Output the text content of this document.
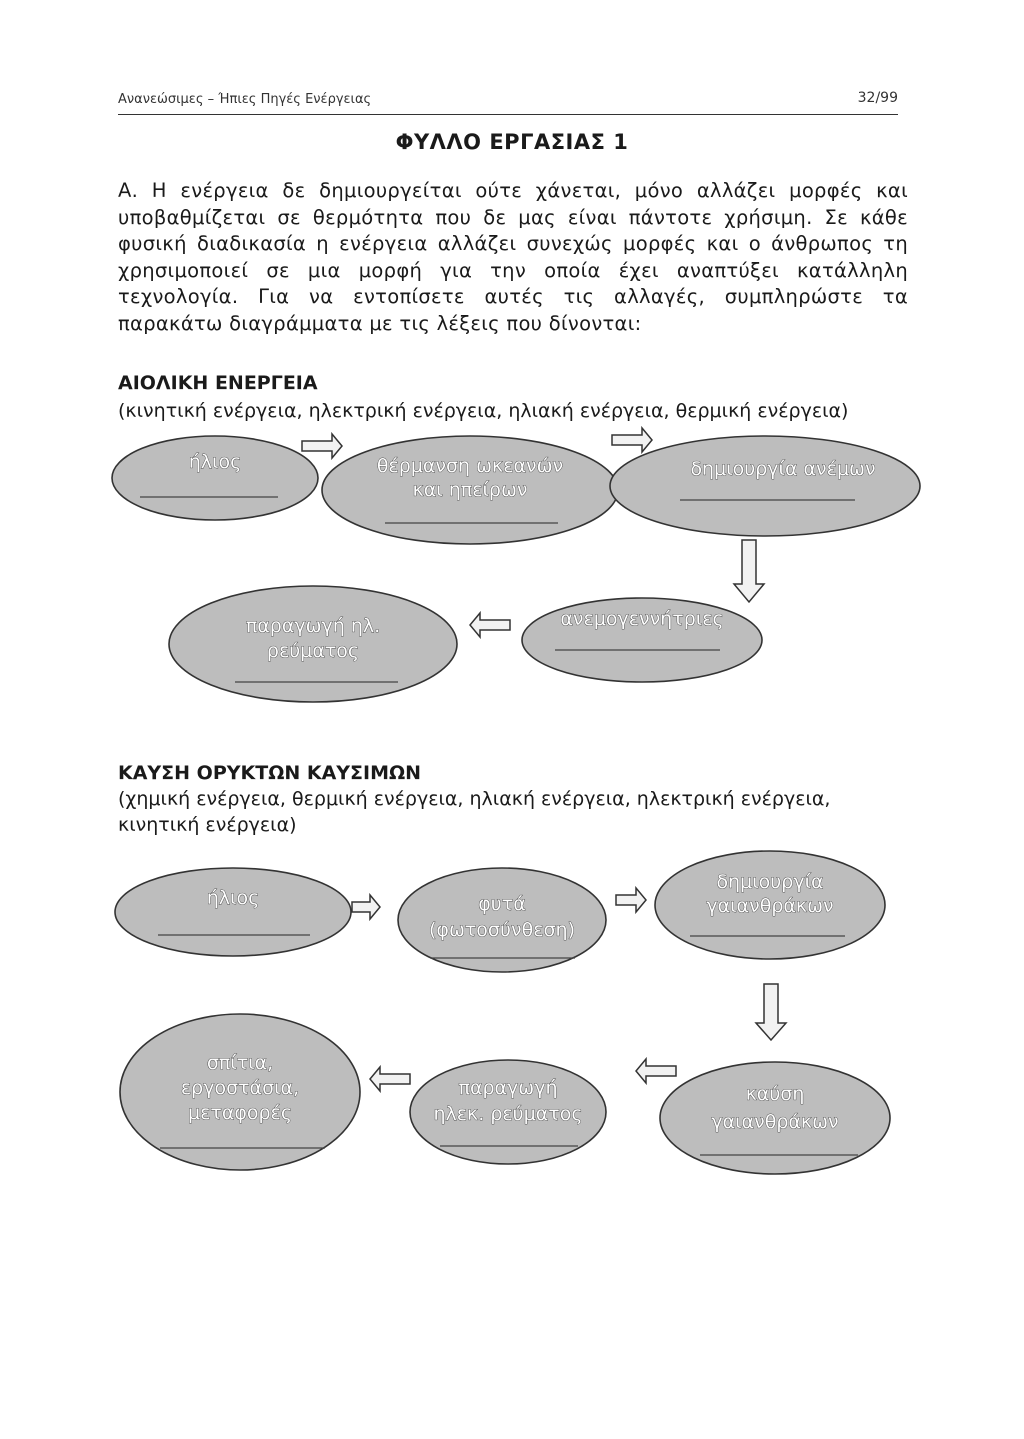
Ανανεώσιμες – Ήπιες Πηγές Ενέργειας	32/99
ΦΥΛΛΟ ΕΡΓΑΣΙΑΣ 1

Α. Η ενέργεια δε δημιουργείται ούτε χάνεται, μόνο αλλάζει μορφές και υποβαθμίζεται σε θερμότητα που δε μας είναι πάντοτε χρήσιμη. Σε κάθε φυσική διαδικασία η ενέργεια αλλάζει συνεχώς μορφές και ο άνθρωπος τη χρησιμοποιεί σε μια μορφή για την οποία έχει αναπτύξει κατάλληλη τεχνολογία. Για να εντοπίσετε αυτές τις αλλαγές, συμπληρώστε τα παρακάτω διαγράμματα με τις λέξεις που δίνονται:

ΑΙΟΛΙΚΗ ΕΝΕΡΓΕΙΑ

(κινητική ενέργεια, ηλεκτρική ενέργεια, ηλιακή ενέργεια, θερμική ενέργεια)

ήλιος	θέρμανση ωκεανών
και ηπείρων
δημιουργία ανέμων
ανεμογεννήτριες
παραγωγή ηλ.
ρεύματος
ΚΑΥΣΗ ΟΡΥΚΤΩΝ ΚΑΥΣΙΜΩΝ

(χημική ενέργεια, θερμική ενέργεια, ηλιακή ενέργεια, ηλεκτρική ενέργεια, κινητική ενέργεια)

ήλιος	φυτά
(φωτοσύνθεση)
δημιουργία
γαιανθράκων
καύση
γαιανθράκων
παραγωγή
ηλεκ. ρεύματος
σπίτια,
εργοστάσια,
μεταφορές
